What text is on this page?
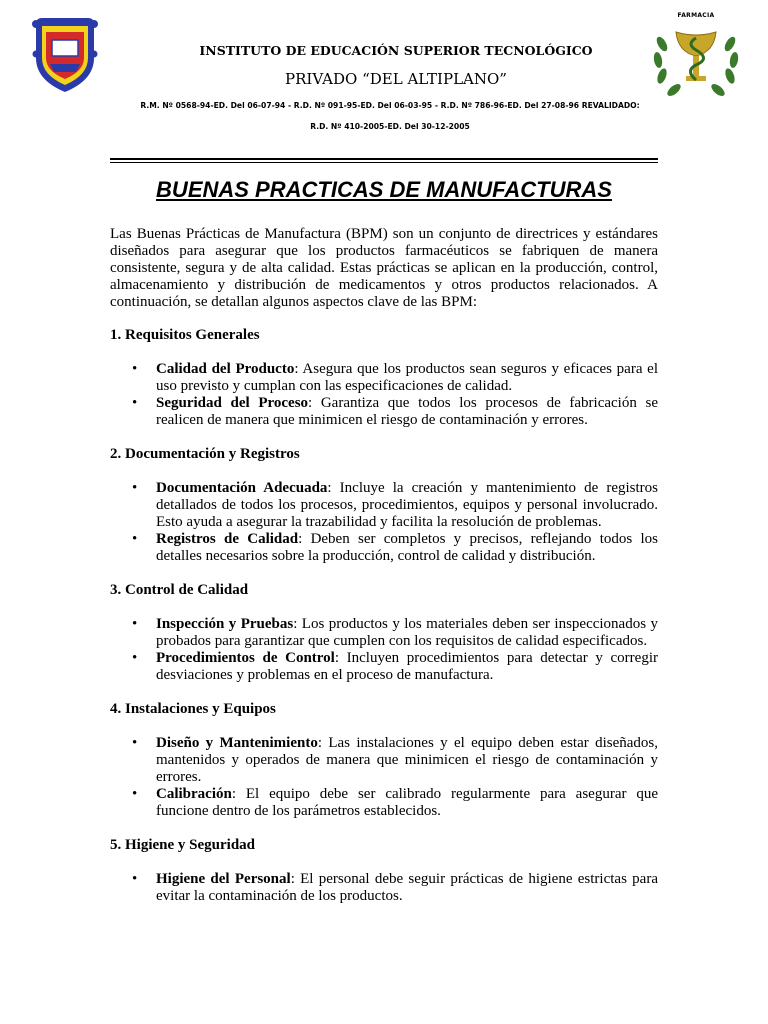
FARMACIA
INSTITUTO DE EDUCACIÓN SUPERIOR TECNOLÓGICO
PRIVADO “DEL ALTIPLANO”
R.M. Nº 0568-94-ED. Del 06-07-94 - R.D. Nº 091-95-ED. Del 06-03-95 - R.D. Nº 786-96-ED. Del 27-08-96 REVALIDADO:
R.D. Nº 410-2005-ED. Del 30-12-2005
BUENAS PRACTICAS DE MANUFACTURAS

Las Buenas Prácticas de Manufactura (BPM) son un conjunto de directrices y estándares diseñados para asegurar que los productos farmacéuticos se fabriquen de manera consistente, segura y de alta calidad. Estas prácticas se aplican en la producción, control, almacenamiento y distribución de medicamentos y otros productos relacionados. A continuación, se detallan algunos aspectos clave de las BPM:

1. Requisitos Generales
• Calidad del Producto: Asegura que los productos sean seguros y eficaces para el uso previsto y cumplan con las especificaciones de calidad.
• Seguridad del Proceso: Garantiza que todos los procesos de fabricación se realicen de manera que minimicen el riesgo de contaminación y errores.
2. Documentación y Registros
• Documentación Adecuada: Incluye la creación y mantenimiento de registros detallados de todos los procesos, procedimientos, equipos y personal involucrado. Esto ayuda a asegurar la trazabilidad y facilita la resolución de problemas.
• Registros de Calidad: Deben ser completos y precisos, reflejando todos los detalles necesarios sobre la producción, control de calidad y distribución.
3. Control de Calidad
• Inspección y Pruebas: Los productos y los materiales deben ser inspeccionados y probados para garantizar que cumplen con los requisitos de calidad especificados.
• Procedimientos de Control: Incluyen procedimientos para detectar y corregir desviaciones y problemas en el proceso de manufactura.
4. Instalaciones y Equipos
• Diseño y Mantenimiento: Las instalaciones y el equipo deben estar diseñados, mantenidos y operados de manera que minimicen el riesgo de contaminación y errores.
• Calibración: El equipo debe ser calibrado regularmente para asegurar que funcione dentro de los parámetros establecidos.
5. Higiene y Seguridad
• Higiene del Personal: El personal debe seguir prácticas de higiene estrictas para evitar la contaminación de los productos.
